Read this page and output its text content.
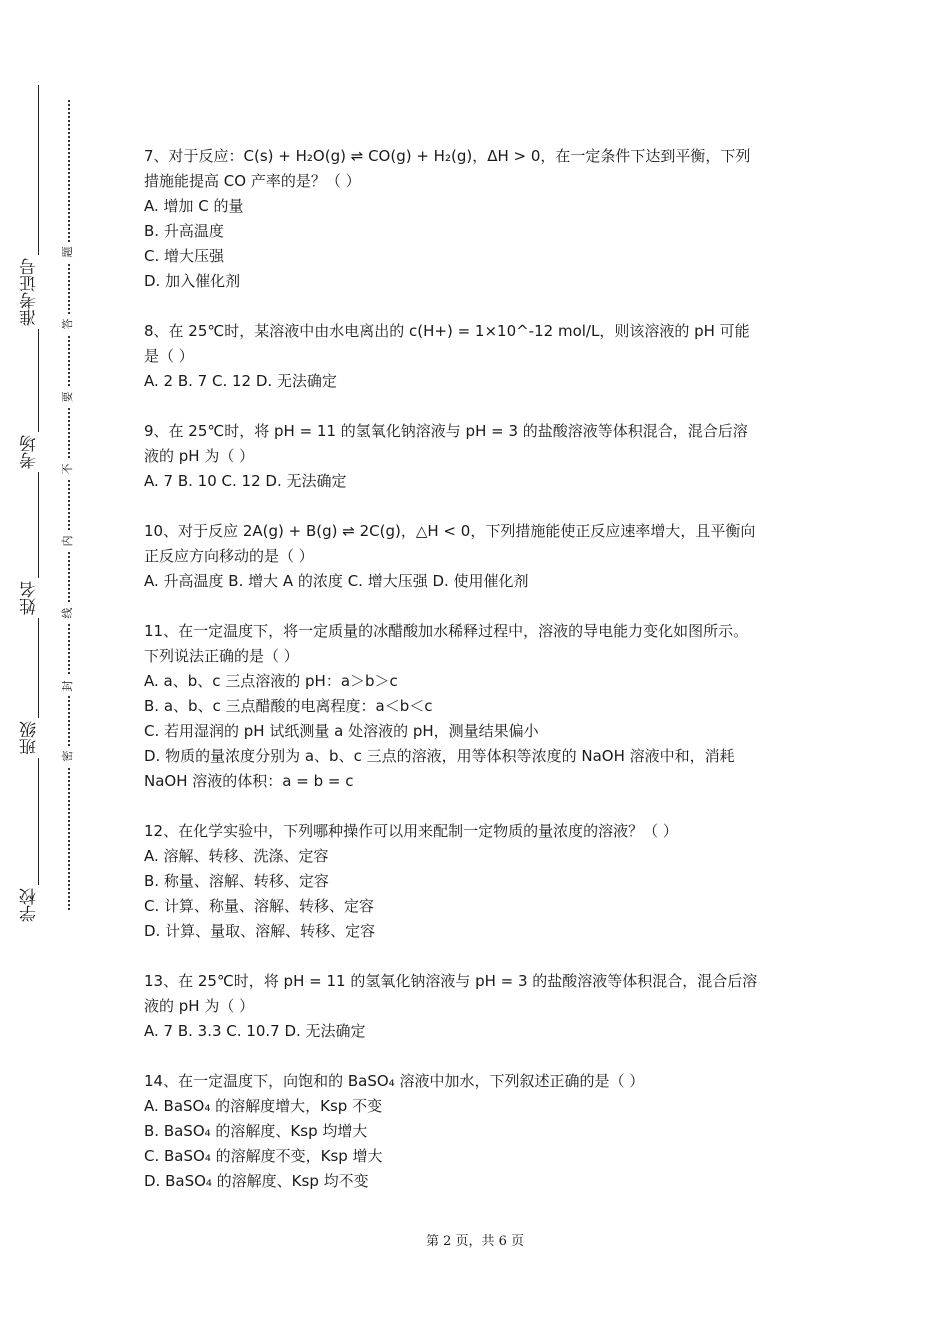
准考证号
考场
姓名
班级
学校
题
答
要
不
内
线
封
密
7、对于反应：C(s) + H₂O(g) ⇌ CO(g) + H₂(g)，ΔH > 0，在一定条件下达到平衡，下列
措施能提高 CO 产率的是？（ ）
A. 增加 C 的量
B. 升高温度
C. 增大压强
D. 加入催化剂
8、在 25℃时，某溶液中由水电离出的 c(H+) = 1×10^-12 mol/L，则该溶液的 pH 可能
是（ ）
A. 2 B. 7 C. 12 D. 无法确定
9、在 25℃时，将 pH = 11 的氢氧化钠溶液与 pH = 3 的盐酸溶液等体积混合，混合后溶
液的 pH 为（ ）
A. 7 B. 10 C. 12 D. 无法确定
10、对于反应 2A(g) + B(g) ⇌ 2C(g)，△H < 0，下列措施能使正反应速率增大，且平衡向
正反应方向移动的是（ ）
A. 升高温度 B. 增大 A 的浓度 C. 增大压强 D. 使用催化剂
11、在一定温度下，将一定质量的冰醋酸加水稀释过程中，溶液的导电能力变化如图所示。
下列说法正确的是（ ）
A. a、b、c 三点溶液的 pH：a＞b＞c
B. a、b、c 三点醋酸的电离程度：a＜b＜c
C. 若用湿润的 pH 试纸测量 a 处溶液的 pH，测量结果偏小
D. 物质的量浓度分别为 a、b、c 三点的溶液，用等体积等浓度的 NaOH 溶液中和，消耗
NaOH 溶液的体积：a = b = c
12、在化学实验中，下列哪种操作可以用来配制一定物质的量浓度的溶液？（ ）
A. 溶解、转移、洗涤、定容
B. 称量、溶解、转移、定容
C. 计算、称量、溶解、转移、定容
D. 计算、量取、溶解、转移、定容
13、在 25℃时，将 pH = 11 的氢氧化钠溶液与 pH = 3 的盐酸溶液等体积混合，混合后溶
液的 pH 为（ ）
A. 7 B. 3.3 C. 10.7 D. 无法确定
14、在一定温度下，向饱和的 BaSO₄ 溶液中加水，下列叙述正确的是（ ）
A. BaSO₄ 的溶解度增大，Ksp 不变
B. BaSO₄ 的溶解度、Ksp 均增大
C. BaSO₄ 的溶解度不变，Ksp 增大
D. BaSO₄ 的溶解度、Ksp 均不变
第 2 页，共 6 页
